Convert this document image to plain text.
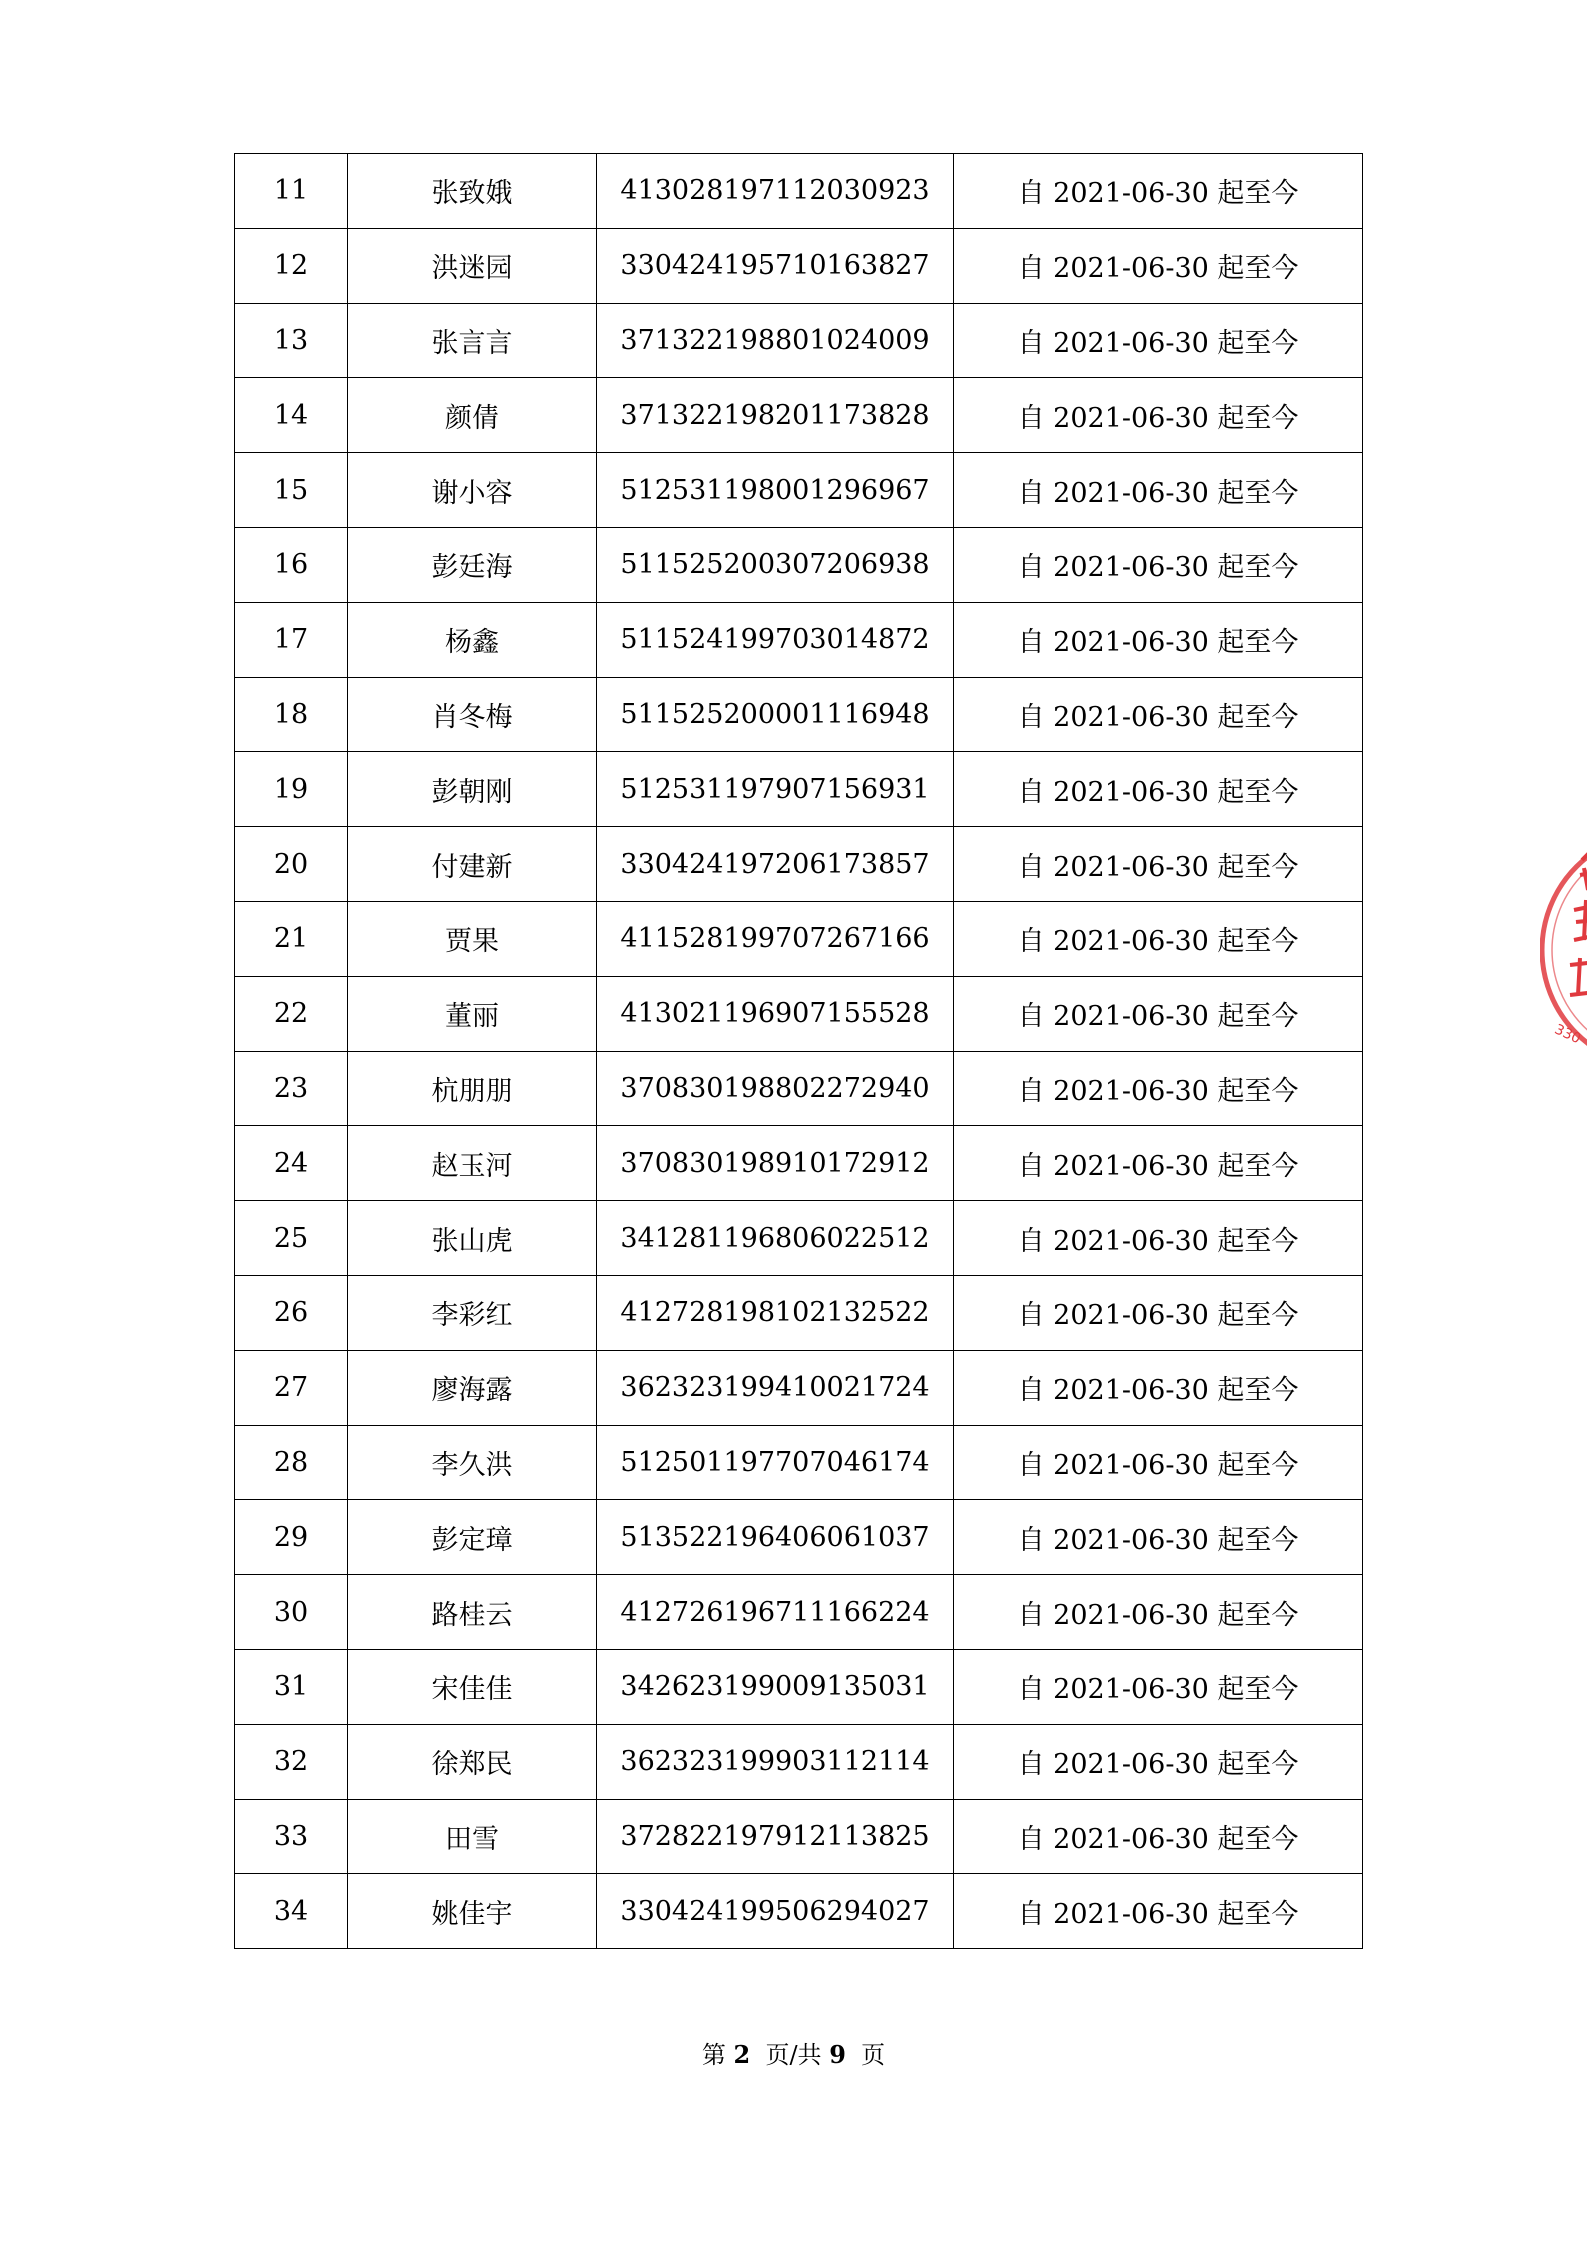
11	张致娥	413028197112030923	自 2021-06-30 起至今
12	洪迷园	330424195710163827	自 2021-06-30 起至今
13	张言言	371322198801024009	自 2021-06-30 起至今
14	颜倩	371322198201173828	自 2021-06-30 起至今
15	谢小容	512531198001296967	自 2021-06-30 起至今
16	彭廷海	511525200307206938	自 2021-06-30 起至今
17	杨鑫	511524199703014872	自 2021-06-30 起至今
18	肖冬梅	511525200001116948	自 2021-06-30 起至今
19	彭朝刚	512531197907156931	自 2021-06-30 起至今
20	付建新	330424197206173857	自 2021-06-30 起至今
21	贾果	411528199707267166	自 2021-06-30 起至今
22	董丽	413021196907155528	自 2021-06-30 起至今
23	杭朋朋	370830198802272940	自 2021-06-30 起至今
24	赵玉河	370830198910172912	自 2021-06-30 起至今
25	张山虎	341281196806022512	自 2021-06-30 起至今
26	李彩红	412728198102132522	自 2021-06-30 起至今
27	廖海露	362323199410021724	自 2021-06-30 起至今
28	李久洪	512501197707046174	自 2021-06-30 起至今
29	彭定璋	513522196406061037	自 2021-06-30 起至今
30	路桂云	412726196711166224	自 2021-06-30 起至今
31	宋佳佳	342623199009135031	自 2021-06-30 起至今
32	徐郑民	362323199903112114	自 2021-06-30 起至今
33	田雪	372822197912113825	自 2021-06-30 起至今
34	姚佳宇	330424199506294027	自 2021-06-30 起至今
第 2 页/共 9 页
330
